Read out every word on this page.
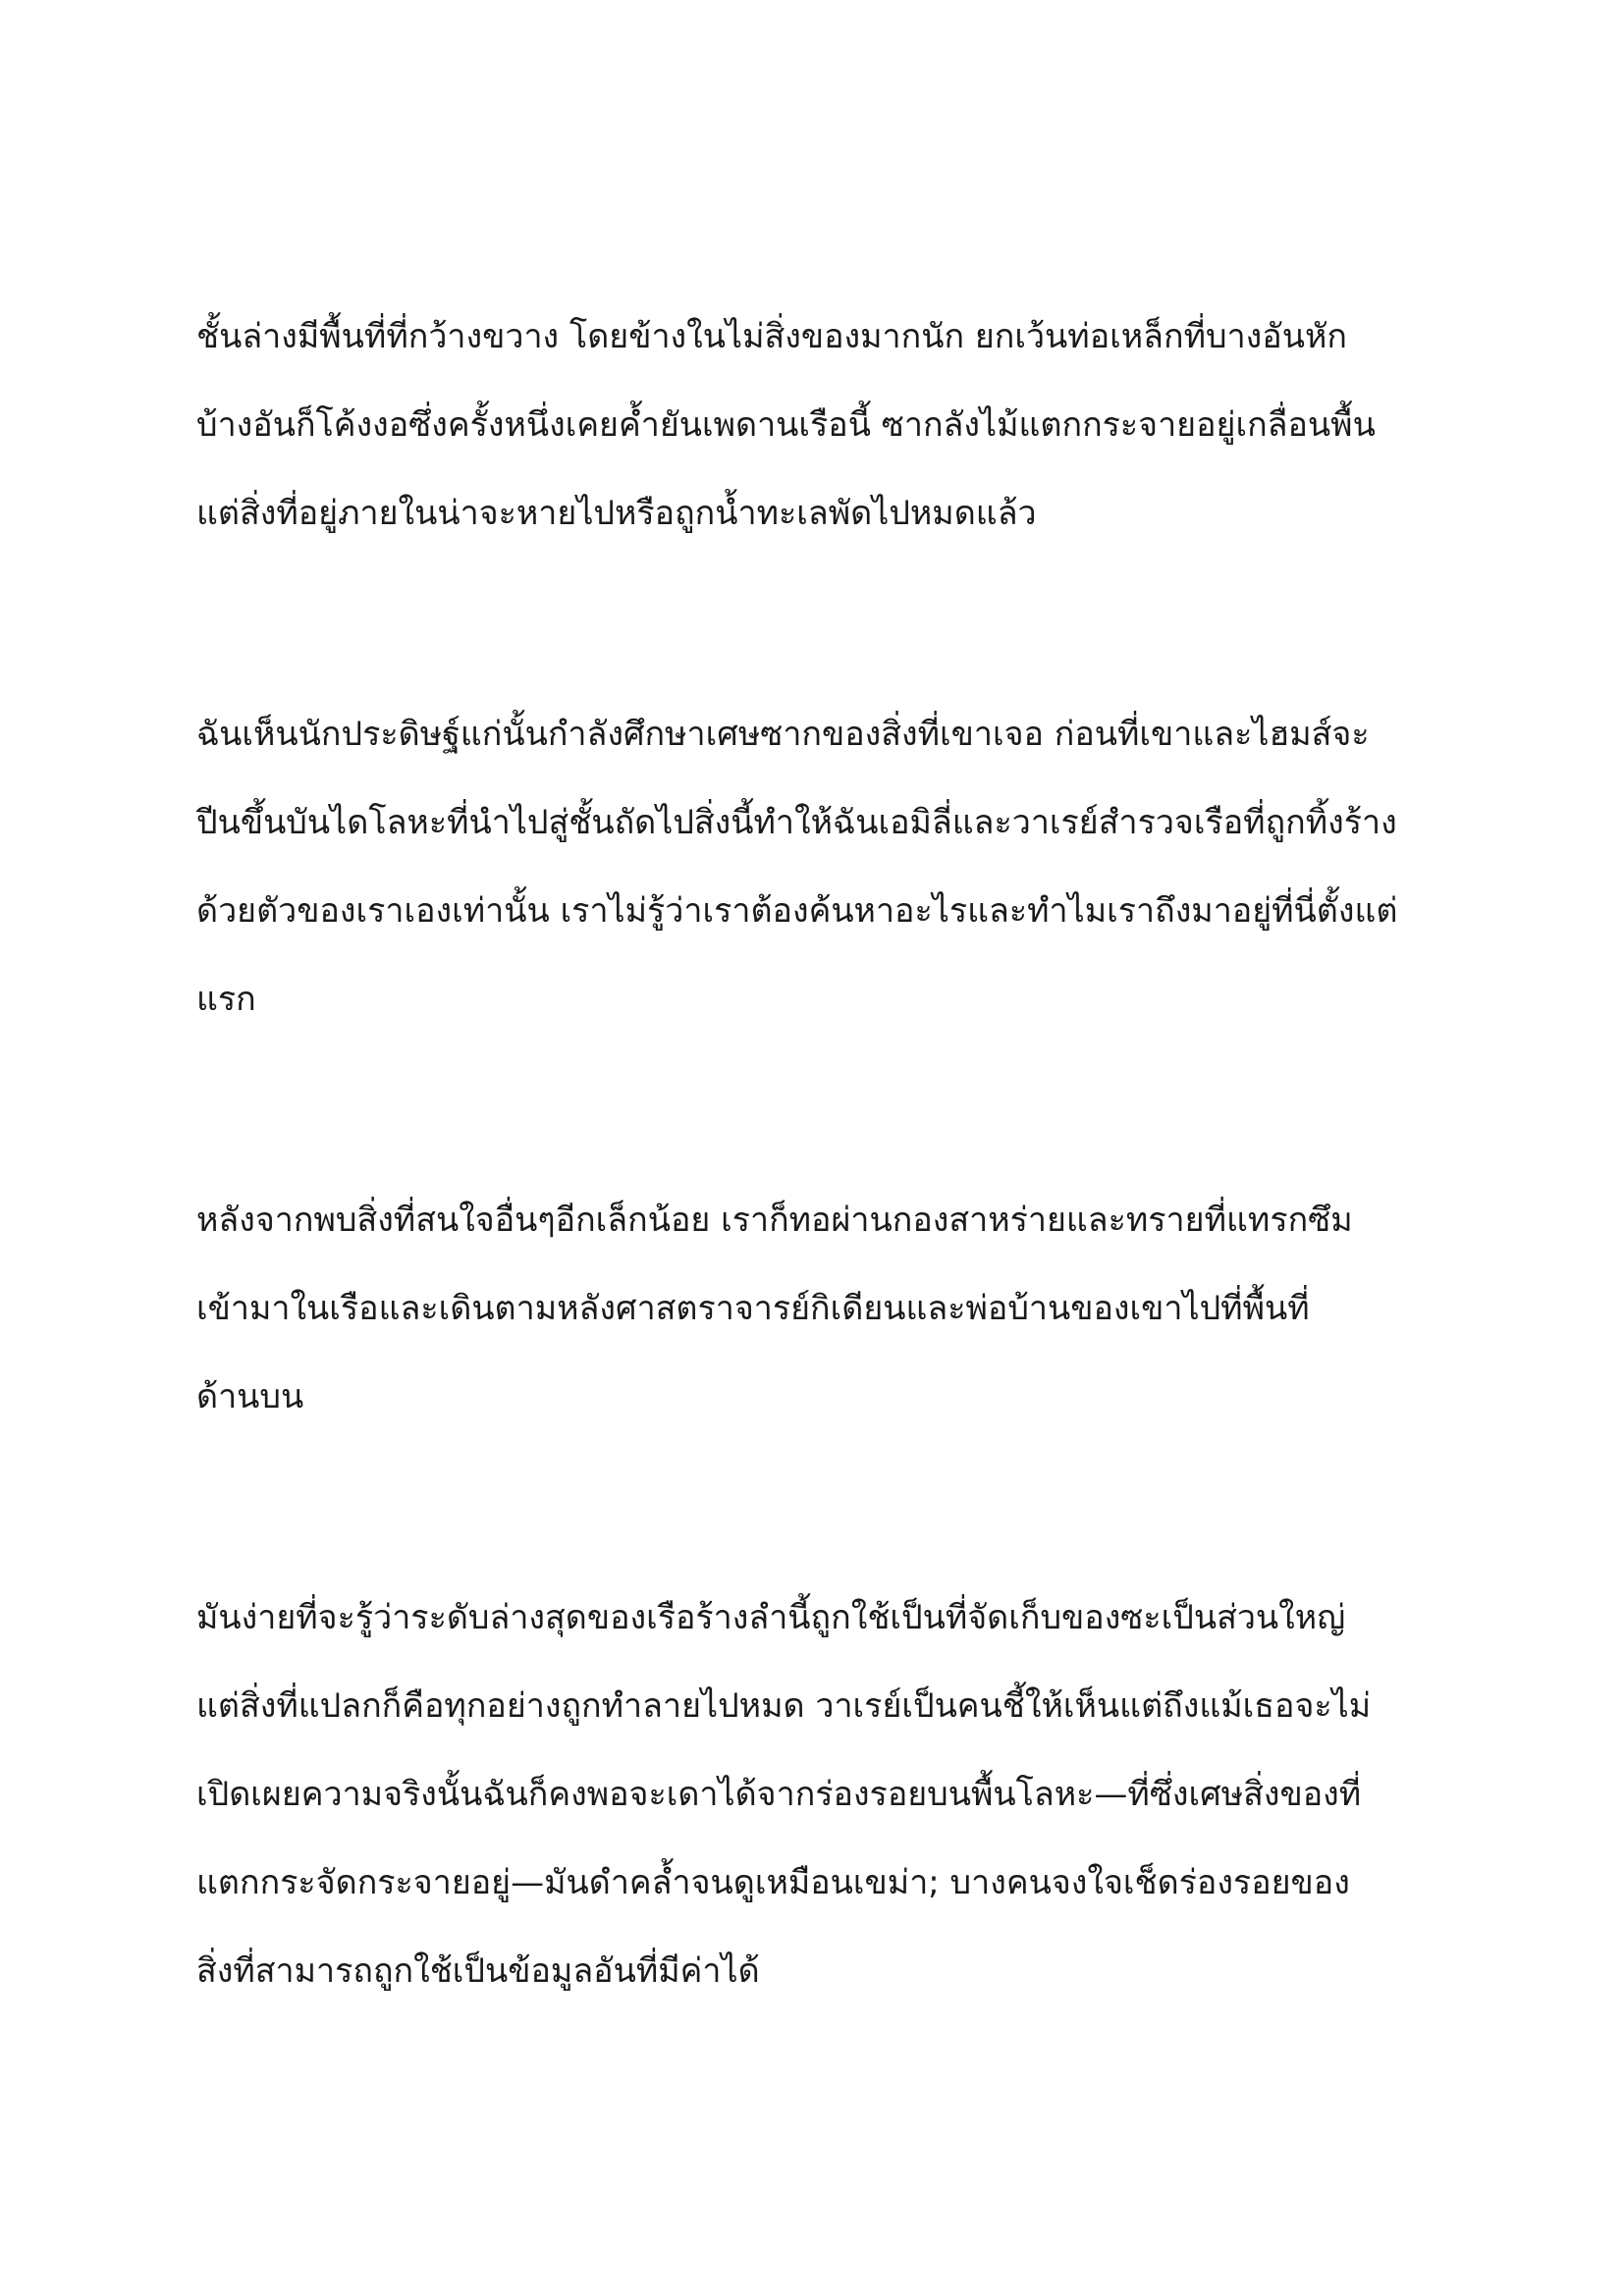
ชั้นล่างมีพื้นที่ที่กว้างขวาง โดยข้างในไม่สิ่งของมากนัก ยกเว้นท่อเหล็กที่บางอันหัก
บ้างอันก็โค้งงอซึ่งครั้งหนึ่งเคยค้ำยันเพดานเรือนี้ ซากลังไม้แตกกระจายอยู่เกลื่อนพื้น
แต่สิ่งที่อยู่ภายในน่าจะหายไปหรือถูกน้ำทะเลพัดไปหมดแล้ว
ฉันเห็นนักประดิษฐ์แก่นั้นกำลังศึกษาเศษซากของสิ่งที่เขาเจอ ก่อนที่เขาและไฮมส์จะ
ปีนขึ้นบันไดโลหะที่นำไปสู่ชั้นถัดไปสิ่งนี้ทำให้ฉันเอมิลี่และวาเรย์สำรวจเรือที่ถูกทิ้งร้าง
ด้วยตัวของเราเองเท่านั้น เราไม่รู้ว่าเราต้องค้นหาอะไรและทำไมเราถึงมาอยู่ที่นี่ตั้งแต่
แรก
หลังจากพบสิ่งที่สนใจอื่นๆอีกเล็กน้อย เราก็ทอผ่านกองสาหร่ายและทรายที่แทรกซึม
เข้ามาในเรือและเดินตามหลังศาสตราจารย์กิเดียนและพ่อบ้านของเขาไปที่พื้นที่
ด้านบน
มันง่ายที่จะรู้ว่าระดับล่างสุดของเรือร้างลำนี้ถูกใช้เป็นที่จัดเก็บของซะเป็นส่วนใหญ่
แต่สิ่งที่แปลกก็คือทุกอย่างถูกทำลายไปหมด วาเรย์เป็นคนชี้ให้เห็นแต่ถึงแม้เธอจะไม่
เปิดเผยความจริงนั้นฉันก็คงพอจะเดาได้จากร่องรอยบนพื้นโลหะ—ที่ซึ่งเศษสิ่งของที่
แตกกระจัดกระจายอยู่—มันดำคล้ำจนดูเหมือนเขม่า; บางคนจงใจเช็ดร่องรอยของ
สิ่งที่สามารถถูกใช้เป็นข้อมูลอันที่มีค่าได้
